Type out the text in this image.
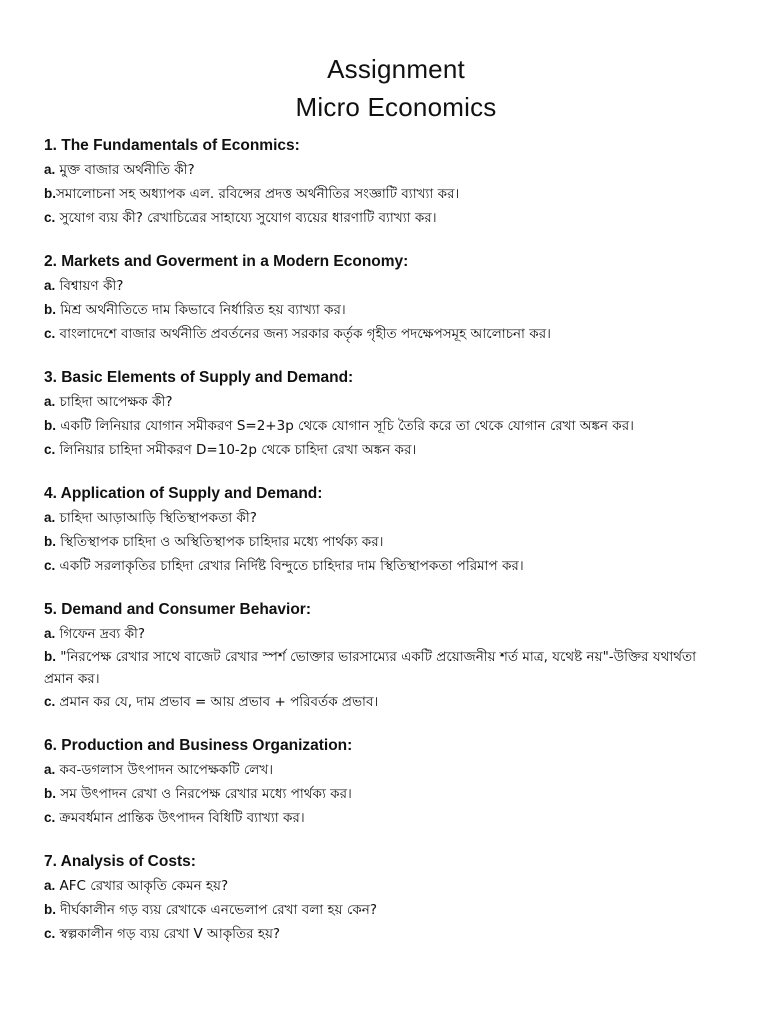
Assignment
Micro Economics

1. The Fundamentals of Econmics:

a. মুক্ত বাজার অর্থনীতি কী?

b.সমালোচনা সহ অধ্যাপক এল. রবিন্সের প্রদত্ত অর্থনীতির সংজ্ঞাটি ব্যাখ্যা কর।

c. সুযোগ ব্যয় কী? রেখাচিত্রের সাহায্যে সুযোগ ব্যয়ের ধারণাটি ব্যাখ্যা কর।

2. Markets and Goverment in a Modern Economy:

a. বিশ্বায়ণ কী?

b. মিশ্র অর্থনীতিতে দাম কিভাবে নির্ধারিত হয় ব্যাখ্যা কর।

c. বাংলাদেশে বাজার অর্থনীতি প্রবর্তনের জন্য সরকার কর্তৃক গৃহীত পদক্ষেপসমূহ আলোচনা কর।

3. Basic Elements of Supply and Demand:

a. চাহিদা আপেক্ষক কী?

b. একটি লিনিয়ার যোগান সমীকরণ S=2+3p থেকে যোগান সূচি তৈরি করে তা থেকে যোগান রেখা অঙ্কন কর।

c. লিনিয়ার চাহিদা সমীকরণ D=10-2p থেকে চাহিদা রেখা অঙ্কন কর।

4. Application of Supply and Demand:

a. চাহিদা আড়াআড়ি স্থিতিস্থাপকতা কী?

b. স্থিতিস্থাপক চাহিদা ও অস্থিতিস্থাপক চাহিদার মধ্যে পার্থক্য কর।

c. একটি সরলাকৃতির চাহিদা রেখার নির্দিষ্ট বিন্দুতে চাহিদার দাম স্থিতিস্থাপকতা পরিমাপ কর।

5. Demand and Consumer Behavior:

a. গিফেন দ্রব্য কী?

b. "নিরপেক্ষ রেখার সাথে বাজেট রেখার স্পর্শ ভোক্তার ভারসাম্যের একটি প্রয়োজনীয় শর্ত মাত্র, যথেষ্ট নয়"-উক্তির যথার্থতা প্রমান কর।

c. প্রমান কর যে, দাম প্রভাব = আয় প্রভাব + পরিবর্তক প্রভাব।

6. Production and Business Organization:

a. কব-ডগলাস উৎপাদন আপেক্ষকটি লেখ।

b. সম উৎপাদন রেখা ও নিরপেক্ষ রেখার মধ্যে পার্থক্য কর।

c. ক্রমবর্ধমান প্রান্তিক উৎপাদন বিধিটি ব্যাখ্যা কর।

7. Analysis of Costs:

a. AFC রেখার আকৃতি কেমন হয়?

b. দীর্ঘকালীন গড় ব্যয় রেখাকে এনভেলাপ রেখা বলা হয় কেন?

c. স্বল্পকালীন গড় ব্যয় রেখা V আকৃতির হয়?
